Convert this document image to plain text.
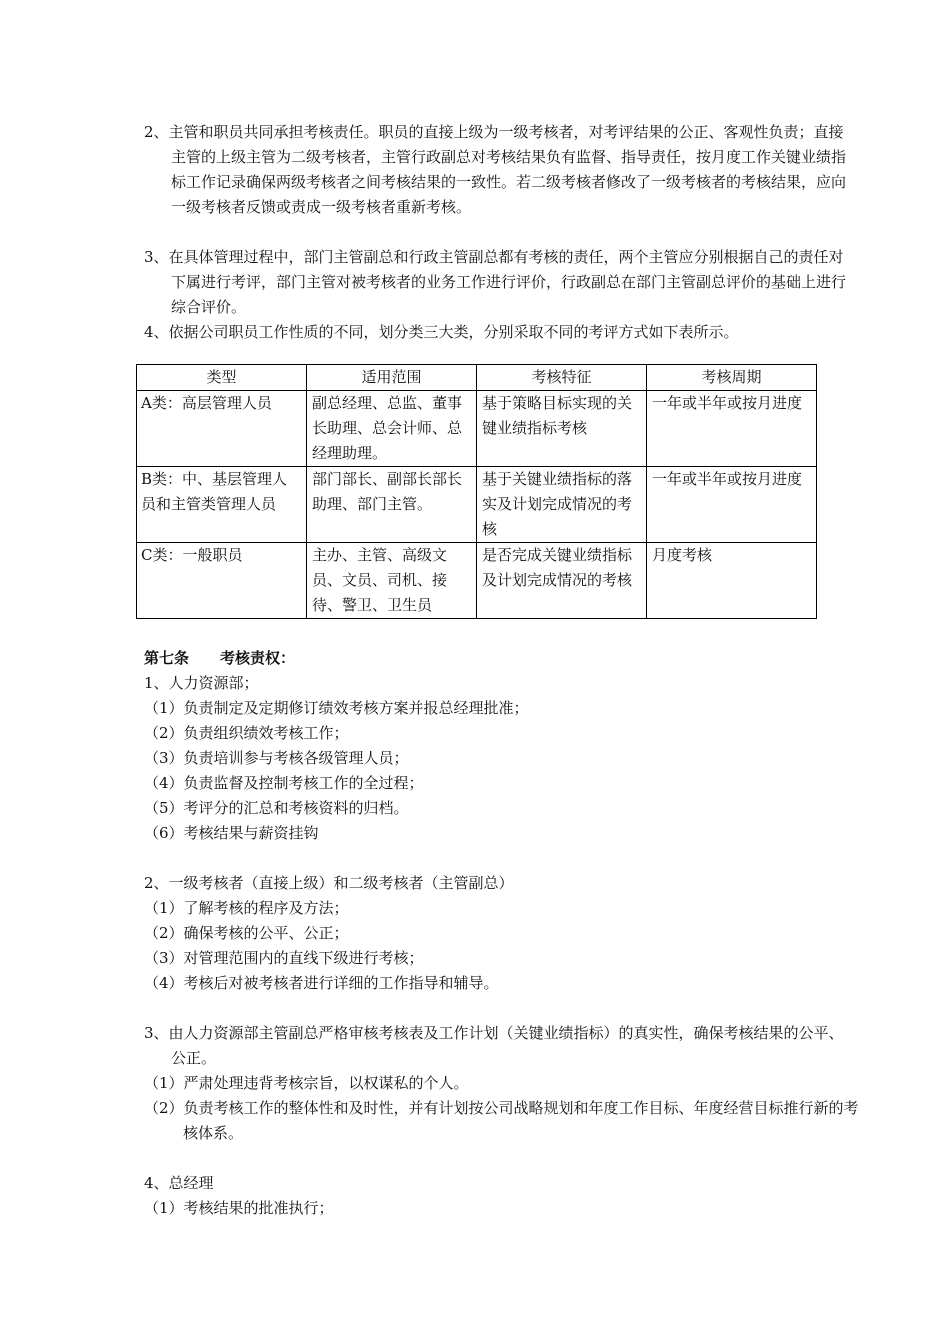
2、主管和职员共同承担考核责任。职员的直接上级为一级考核者，对考评结果的公正、客观性负责；直接主管的上级主管为二级考核者，主管行政副总对考核结果负有监督、指导责任，按月度工作关键业绩指标工作记录确保两级考核者之间考核结果的一致性。若二级考核者修改了一级考核者的考核结果，应向一级考核者反馈或责成一级考核者重新考核。
3、在具体管理过程中，部门主管副总和行政主管副总都有考核的责任，两个主管应分别根据自己的责任对下属进行考评，部门主管对被考核者的业务工作进行评价，行政副总在部门主管副总评价的基础上进行综合评价。
4、依据公司职员工作性质的不同，划分类三大类，分别采取不同的考评方式如下表所示。
类型	适用范围	考核特征	考核周期
A类：高层管理人员	副总经理、总监、董事长助理、总会计师、总经理助理。	基于策略目标实现的关键业绩指标考核	一年或半年或按月进度
B类：中、基层管理人员和主管类管理人员	部门部长、副部长部长助理、部门主管。	基于关键业绩指标的落实及计划完成情况的考核	一年或半年或按月进度
C类：一般职员	主办、主管、高级文员、文员、司机、接待、警卫、卫生员	是否完成关键业绩指标及计划完成情况的考核	月度考核
第七条 考核责权：
1、人力资源部；
（1）负责制定及定期修订绩效考核方案并报总经理批准；
（2）负责组织绩效考核工作；
（3）负责培训参与考核各级管理人员；
（4）负责监督及控制考核工作的全过程；
（5）考评分的汇总和考核资料的归档。
（6）考核结果与薪资挂钩
2、一级考核者（直接上级）和二级考核者（主管副总）
（1）了解考核的程序及方法；
（2）确保考核的公平、公正；
（3）对管理范围内的直线下级进行考核；
（4）考核后对被考核者进行详细的工作指导和辅导。
3、由人力资源部主管副总严格审核考核表及工作计划（关键业绩指标）的真实性，确保考核结果的公平、公正。
（1）严肃处理违背考核宗旨，以权谋私的个人。
（2）负责考核工作的整体性和及时性，并有计划按公司战略规划和年度工作目标、年度经营目标推行新的考核体系。
4、总经理
（1）考核结果的批准执行；
